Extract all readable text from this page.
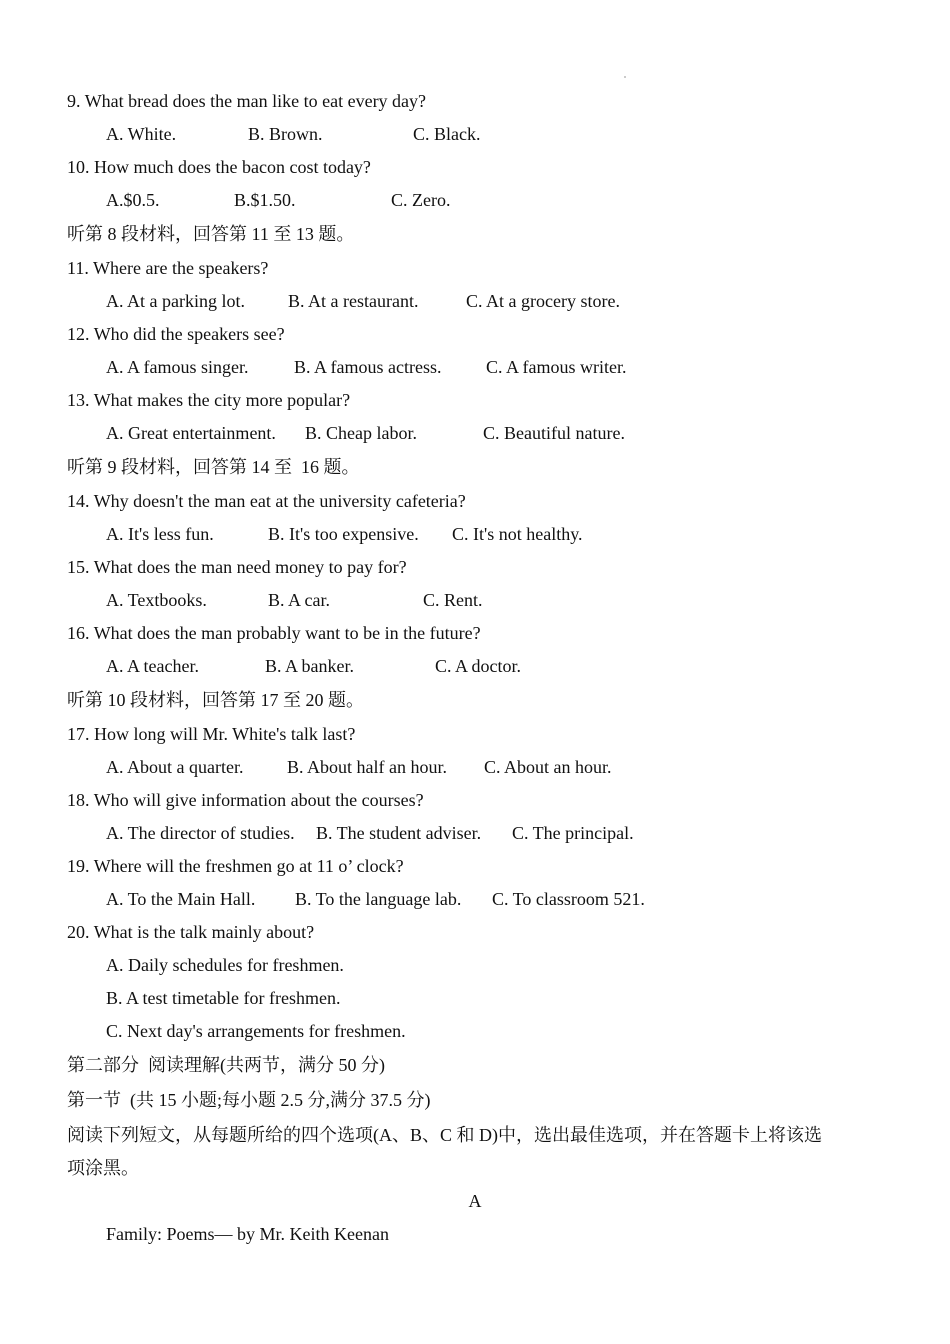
9. What bread does the man like to eat every day?
A. White.	B. Brown.	C. Black.
10. How much does the bacon cost today?
A.$0.5.	B.$1.50.	C. Zero.
听第 8 段材料，回答第 11 至 13 题。
11. Where are the speakers?
A. At a parking lot. B. At a restaurant.	C. At a grocery store.
12. Who did the speakers see?
A. A famous singer.	B. A famous actress. C. A famous writer.
13. What makes the city more popular?
A. Great entertainment. B. Cheap labor.	C. Beautiful nature.
听第 9 段材料，回答第 14 至  16 题。
14. Why doesn't the man eat at the university cafeteria?
A. It's less fun.	B. It's too expensive. C. It's not healthy.
15. What does the man need money to pay for?
A. Textbooks.	B. A car.	C. Rent.
16. What does the man probably want to be in the future?
A. A teacher.	B. A banker.	C. A doctor.
听第 10 段材料，回答第 17 至 20 题。
17. How long will Mr. White's talk last?
A. About a quarter. B. About half an hour. C. About an hour.
18. Who will give information about the courses?
A. The director of studies. B. The student adviser. C. The principal.
19. Where will the freshmen go at 11 o’ clock?
A. To the Main Hall. B. To the language lab. C. To classroom 521.
20. What is the talk mainly about?
A. Daily schedules for freshmen.
B. A test timetable for freshmen.
C. Next day's arrangements for freshmen.
第二部分  阅读理解(共两节，满分 50 分)
第一节  (共 15 小题;每小题 2.5 分,满分 37.5 分)
阅读下列短文，从每题所给的四个选项(A、B、C 和 D)中，选出最佳选项，并在答题卡上将该选
项涂黑。
A
Family: Poems— by Mr. Keith Keenan
